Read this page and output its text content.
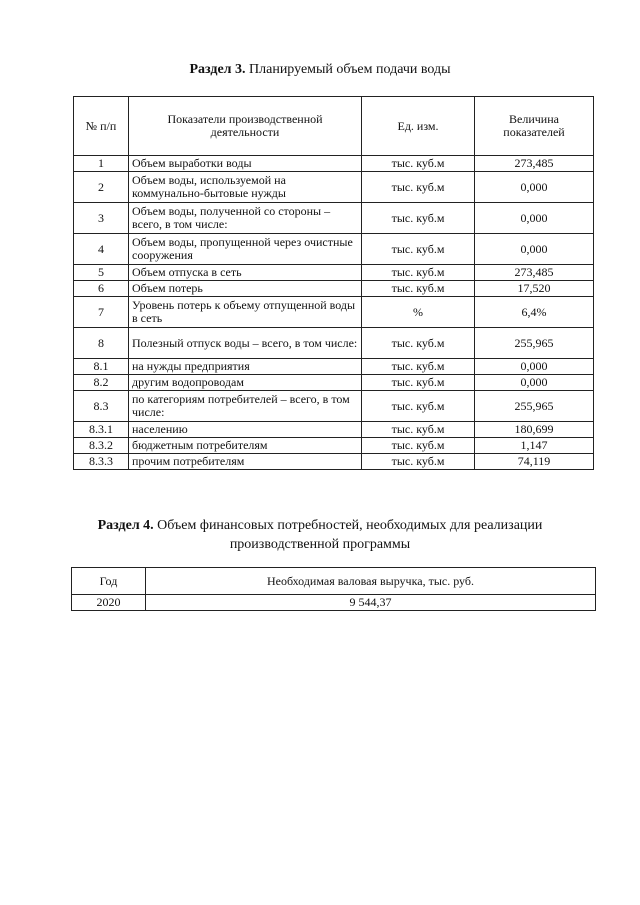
Раздел 3. Планируемый объем подачи воды
№ п/п	Показатели производственной деятельности	Ед. изм.	Величина показателей
1	Объем выработки воды	тыс. куб.м	273,485
2	Объем воды, используемой на коммунально-бытовые нужды	тыс. куб.м	0,000
3	Объем воды, полученной со стороны – всего, в том числе:	тыс. куб.м	0,000
4	Объем воды, пропущенной через очистные сооружения	тыс. куб.м	0,000
5	Объем отпуска в сеть	тыс. куб.м	273,485
6	Объем потерь	тыс. куб.м	17,520
7	Уровень потерь к объему отпущенной воды в сеть	%	6,4%
8	Полезный отпуск воды – всего, в том числе:	тыс. куб.м	255,965
8.1	на нужды предприятия	тыс. куб.м	0,000
8.2	другим водопроводам	тыс. куб.м	0,000
8.3	по категориям потребителей – всего, в том числе:	тыс. куб.м	255,965
8.3.1	населению	тыс. куб.м	180,699
8.3.2	бюджетным потребителям	тыс. куб.м	1,147
8.3.3	прочим потребителям	тыс. куб.м	74,119
Раздел 4. Объем финансовых потребностей, необходимых для реализации производственной программы
Год	Необходимая валовая выручка, тыс. руб.
2020	9 544,37
